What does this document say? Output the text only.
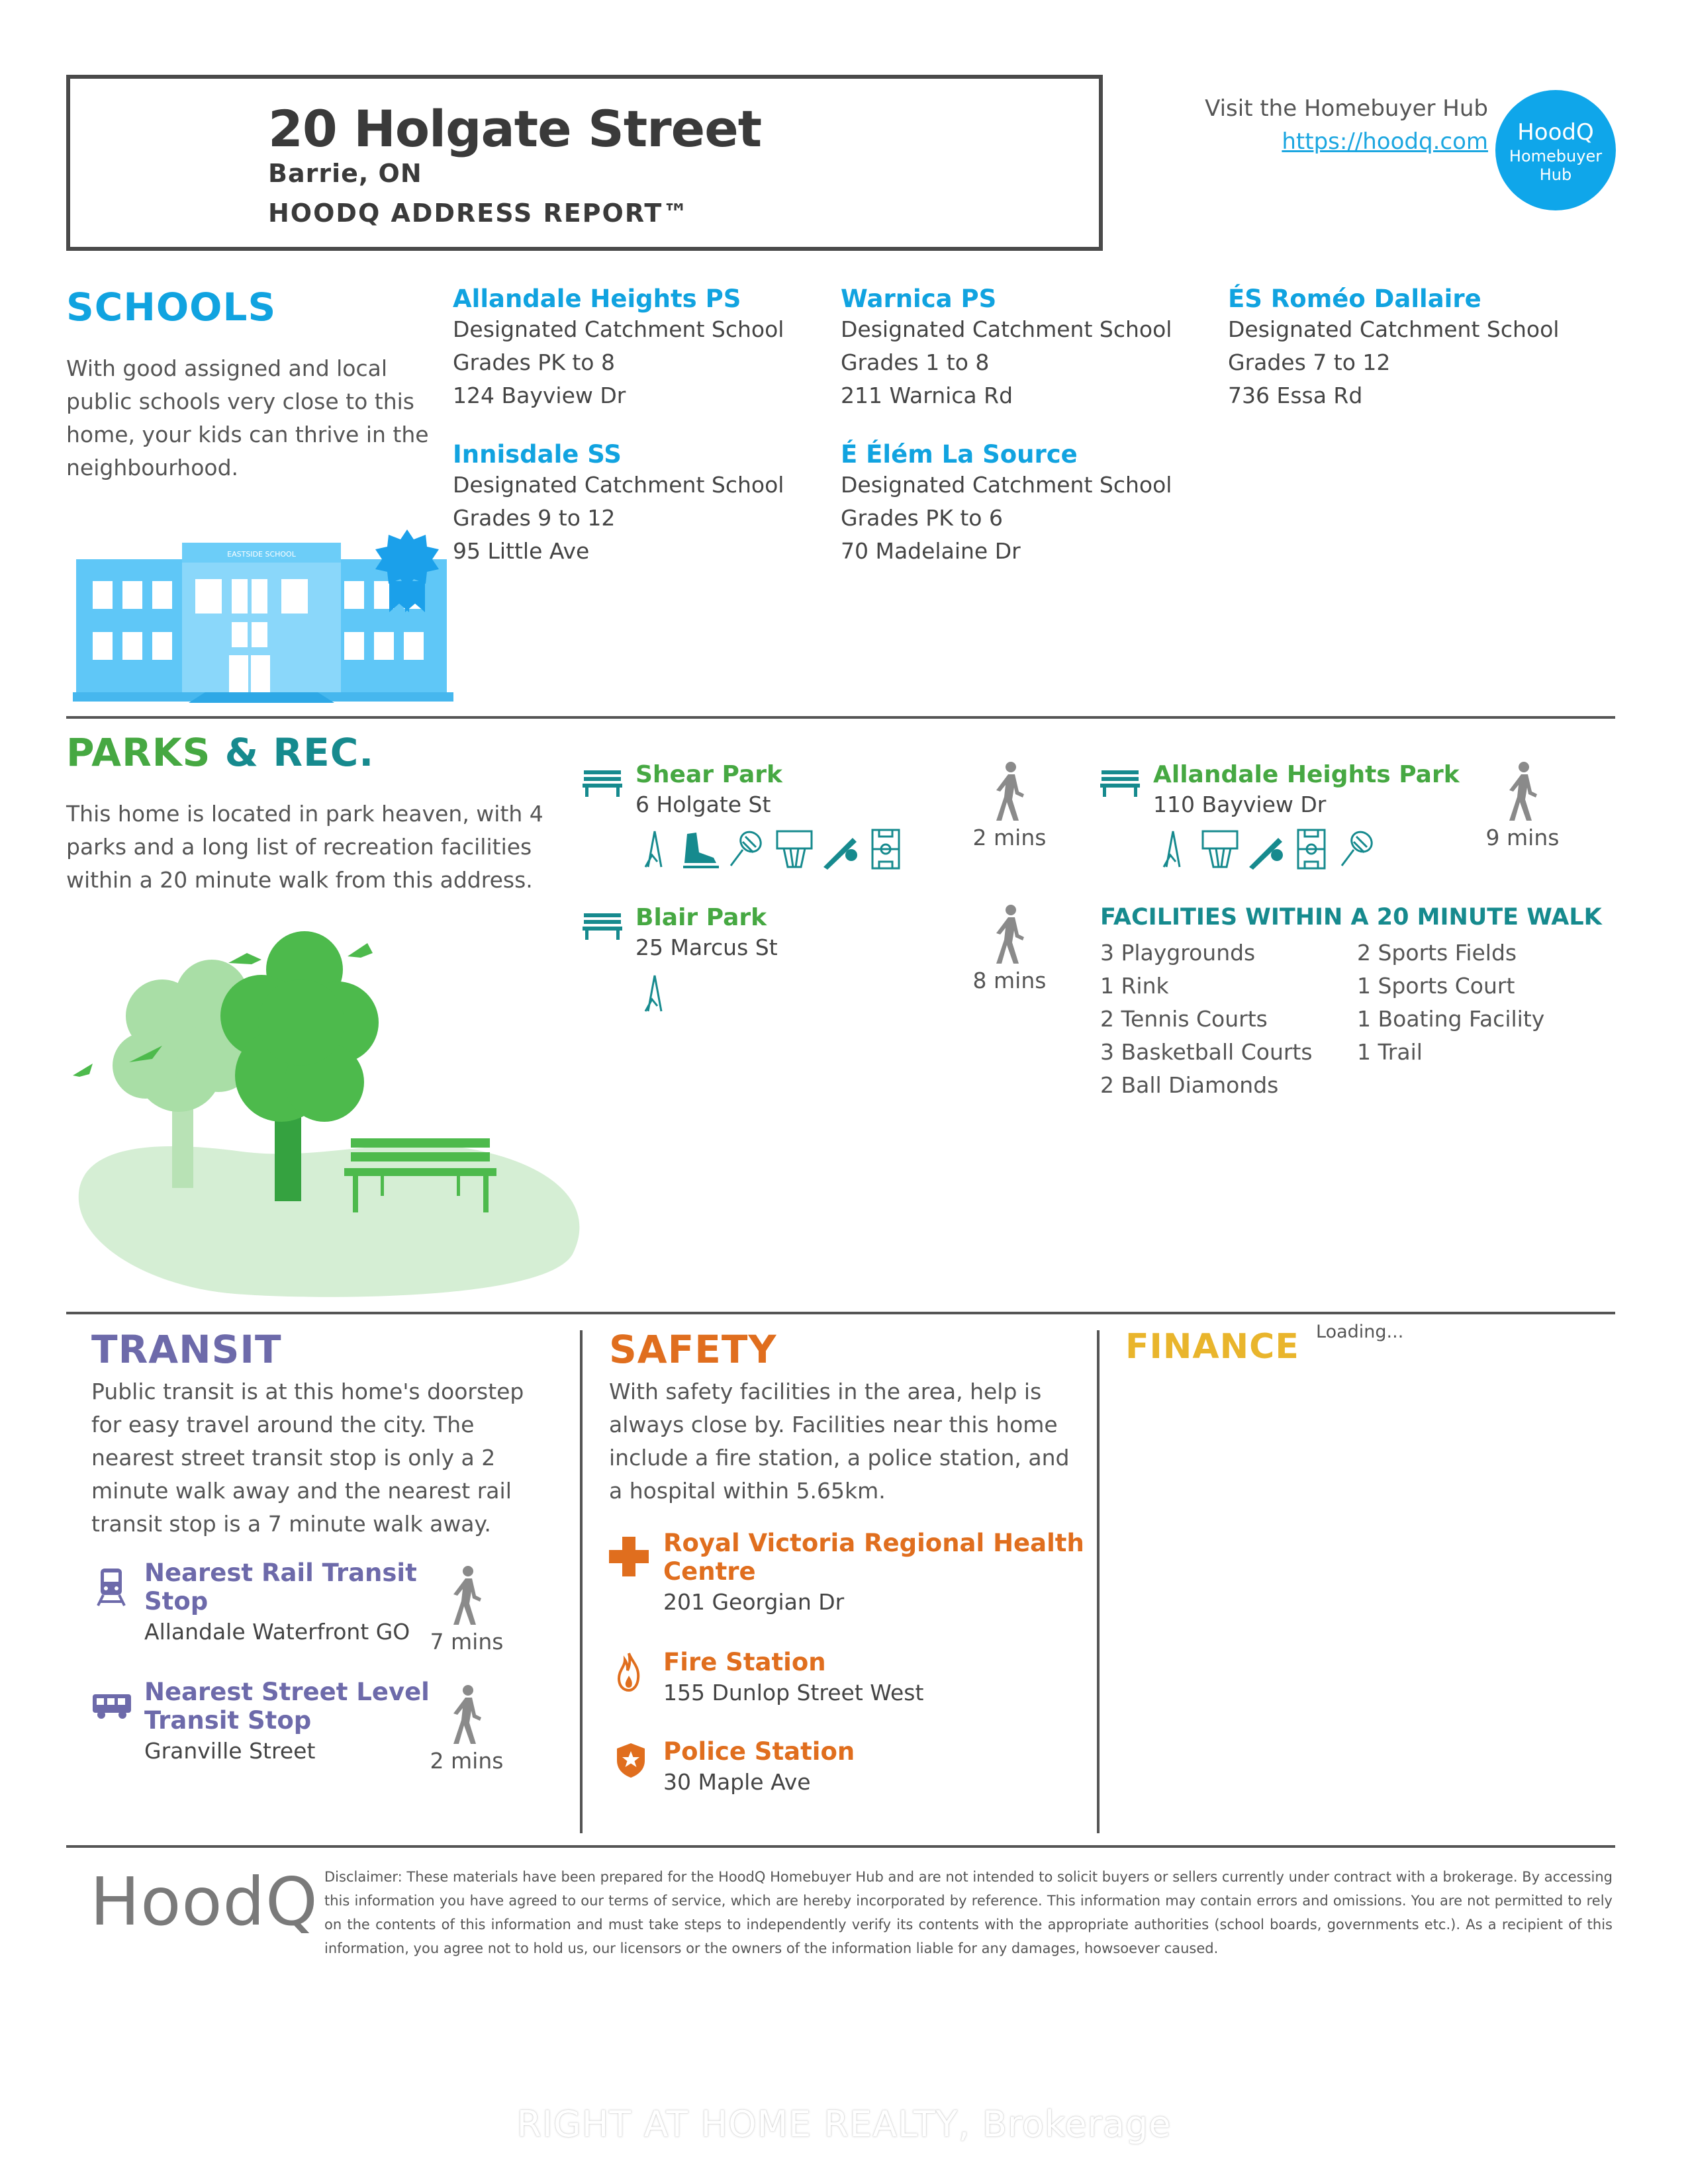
20 Holgate Street
Barrie, ON
HOODQ ADDRESS REPORT™
Visit the Homebuyer Hub
https://hoodq.com	HoodQ
Homebuyer
Hub
SCHOOLS
With good assigned and local public schools very close to this home, your kids can thrive in the neighbourhood.
EASTSIDE SCHOOL
Allandale Heights PS
Designated Catchment School
Grades PK to 8
124 Bayview Dr
Warnica PS
Designated Catchment School
Grades 1 to 8
211 Warnica Rd
ÉS Roméo Dallaire
Designated Catchment School
Grades 7 to 12
736 Essa Rd
Innisdale SS
Designated Catchment School
Grades 9 to 12
95 Little Ave
É Élém La Source
Designated Catchment School
Grades PK to 6
70 Madelaine Dr
PARKS & REC.
This home is located in park heaven, with 4 parks and a long list of recreation facilities within a 20 minute walk from this address.
Shear Park
6 Holgate St
2 mins
Blair Park
25 Marcus St
8 mins
Allandale Heights Park
110 Bayview Dr
9 mins
FACILITIES WITHIN A 20 MINUTE WALK
3 Playgrounds
1 Rink
2 Tennis Courts
3 Basketball Courts
2 Ball Diamonds
2 Sports Fields
1 Sports Court
1 Boating Facility
1 Trail
TRANSIT
Public transit is at this home's doorstep for easy travel around the city. The nearest street transit stop is only a 2 minute walk away and the nearest rail transit stop is a 7 minute walk away.
Nearest Rail Transit
Stop
Allandale Waterfront GO 7 mins
Nearest Street Level
Transit Stop
Granville Street	2 mins
SAFETY
With safety facilities in the area, help is always close by. Facilities near this home include a fire station, a police station, and a hospital within 5.65km.
Royal Victoria Regional Health
Centre
201 Georgian Dr
Fire Station
155 Dunlop Street West
Police Station
30 Maple Ave
FINANCE Loading...
HoodQ Disclaimer: These materials have been prepared for the HoodQ Homebuyer Hub and are not intended to solicit buyers or sellers currently under contract with a brokerage. By accessing this information you have agreed to our terms of service, which are hereby incorporated by reference. This information may contain errors and omissions. You are not permitted to rely on the contents of this information and must take steps to independently verify its contents with the appropriate authorities (school boards, governments etc.). As a recipient of this information, you agree not to hold us, our licensors or the owners of the information liable for any damages, howsoever caused.
RIGHT AT HOME REALTY, Brokerage
